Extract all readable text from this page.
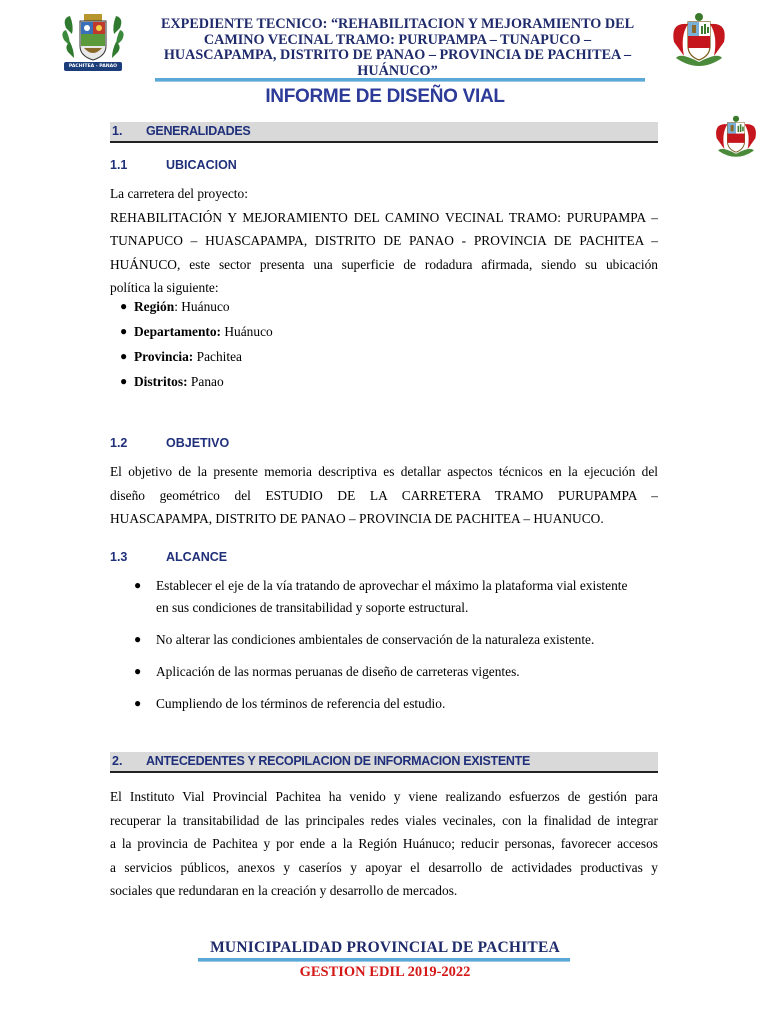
PACHITEA - PANAO
EXPEDIENTE TECNICO: “REHABILITACION Y MEJORAMIENTO DEL
CAMINO VECINAL TRAMO: PURUPAMPA – TUNAPUCO –
HUASCAPAMPA, DISTRITO DE PANAO – PROVINCIA DE PACHITEA –
HUÁNUCO”
INFORME DE DISEÑO VIAL
1. GENERALIDADES
1.1	UBICACION
La carretera del proyecto:
REHABILITACIÓN Y MEJORAMIENTO DEL CAMINO VECINAL TRAMO: PURUPAMPA –
TUNAPUCO – HUASCAPAMPA, DISTRITO DE PANAO - PROVINCIA DE PACHITEA –
HUÁNUCO, este sector presenta una superficie de rodadura afirmada, siendo su ubicación
política la siguiente:
● Región: Huánuco
● Departamento: Huánuco
● Provincia: Pachitea
● Distritos: Panao
1.2	OBJETIVO
El objetivo de la presente memoria descriptiva es detallar aspectos técnicos en la ejecución del
diseño geométrico del ESTUDIO DE LA CARRETERA TRAMO PURUPAMPA –
HUASCAPAMPA, DISTRITO DE PANAO – PROVINCIA DE PACHITEA – HUANUCO.
1.3	ALCANCE
● Establecer el eje de la vía tratando de aprovechar el máximo la plataforma vial existente
en sus condiciones de transitabilidad y soporte estructural.
● No alterar las condiciones ambientales de conservación de la naturaleza existente.
● Aplicación de las normas peruanas de diseño de carreteras vigentes.
● Cumpliendo de los términos de referencia del estudio.
2. ANTECEDENTES Y RECOPILACION DE INFORMACION EXISTENTE
El Instituto Vial Provincial Pachitea ha venido y viene realizando esfuerzos de gestión para
recuperar la transitabilidad de las principales redes viales vecinales, con la finalidad de integrar
a la provincia de Pachitea y por ende a la Región Huánuco; reducir personas, favorecer accesos
a servicios públicos, anexos y caseríos y apoyar el desarrollo de actividades productivas y
sociales que redundaran en la creación y desarrollo de mercados.
MUNICIPALIDAD PROVINCIAL DE PACHITEA
GESTION EDIL 2019-2022
